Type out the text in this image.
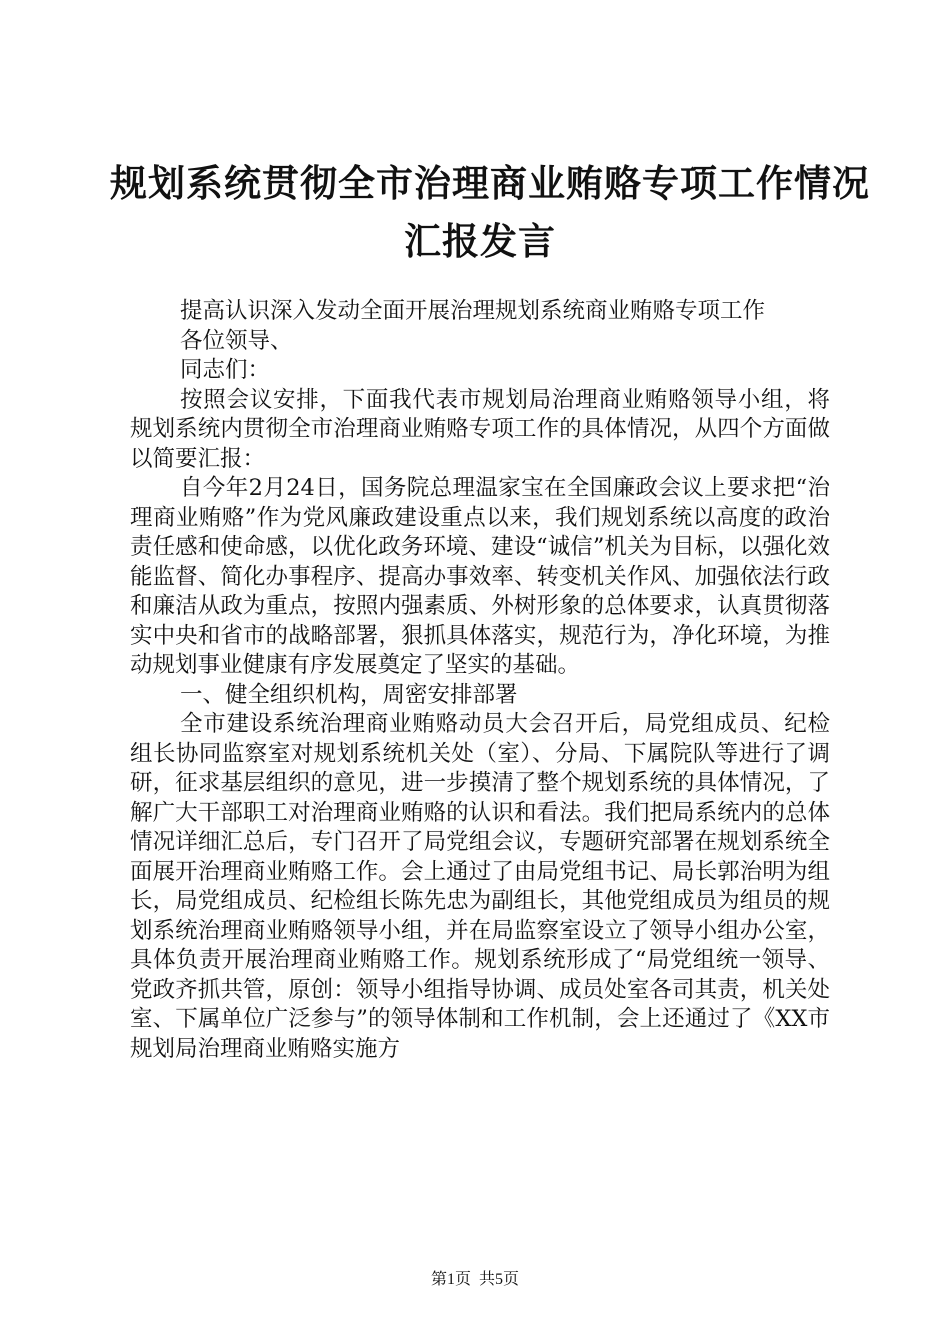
规划系统贯彻全市治理商业贿赂专项工作情况
汇报发言

提高认识深入发动全面开展治理规划系统商业贿赂专项工作

各位领导、

同志们：

按照会议安排，下面我代表市规划局治理商业贿赂领导小组，将规划系统内贯彻全市治理商业贿赂专项工作的具体情况，从四个方面做以简要汇报：

自今年2月24日，国务院总理温家宝在全国廉政会议上要求把“治理商业贿赂”作为党风廉政建设重点以来，我们规划系统以高度的政治责任感和使命感，以优化政务环境、建设“诚信”机关为目标，以强化效能监督、简化办事程序、提高办事效率、转变机关作风、加强依法行政和廉洁从政为重点，按照内强素质、外树形象的总体要求，认真贯彻落实中央和省市的战略部署，狠抓具体落实，规范行为，净化环境，为推动规划事业健康有序发展奠定了坚实的基础。

一、健全组织机构，周密安排部署

全市建设系统治理商业贿赂动员大会召开后，局党组成员、纪检组长协同监察室对规划系统机关处（室）、分局、下属院队等进行了调研，征求基层组织的意见，进一步摸清了整个规划系统的具体情况，了解广大干部职工对治理商业贿赂的认识和看法。我们把局系统内的总体情况详细汇总后，专门召开了局党组会议，专题研究部署在规划系统全面展开治理商业贿赂工作。会上通过了由局党组书记、局长郭治明为组长，局党组成员、纪检组长陈先忠为副组长，其他党组成员为组员的规划系统治理商业贿赂领导小组，并在局监察室设立了领导小组办公室，具体负责开展治理商业贿赂工作。规划系统形成了“局党组统一领导、党政齐抓共管，原创：领导小组指导协调、成员处室各司其责，机关处室、下属单位广泛参与”的领导体制和工作机制，会上还通过了《XX市规划局治理商业贿赂实施方

第1页 共5页
